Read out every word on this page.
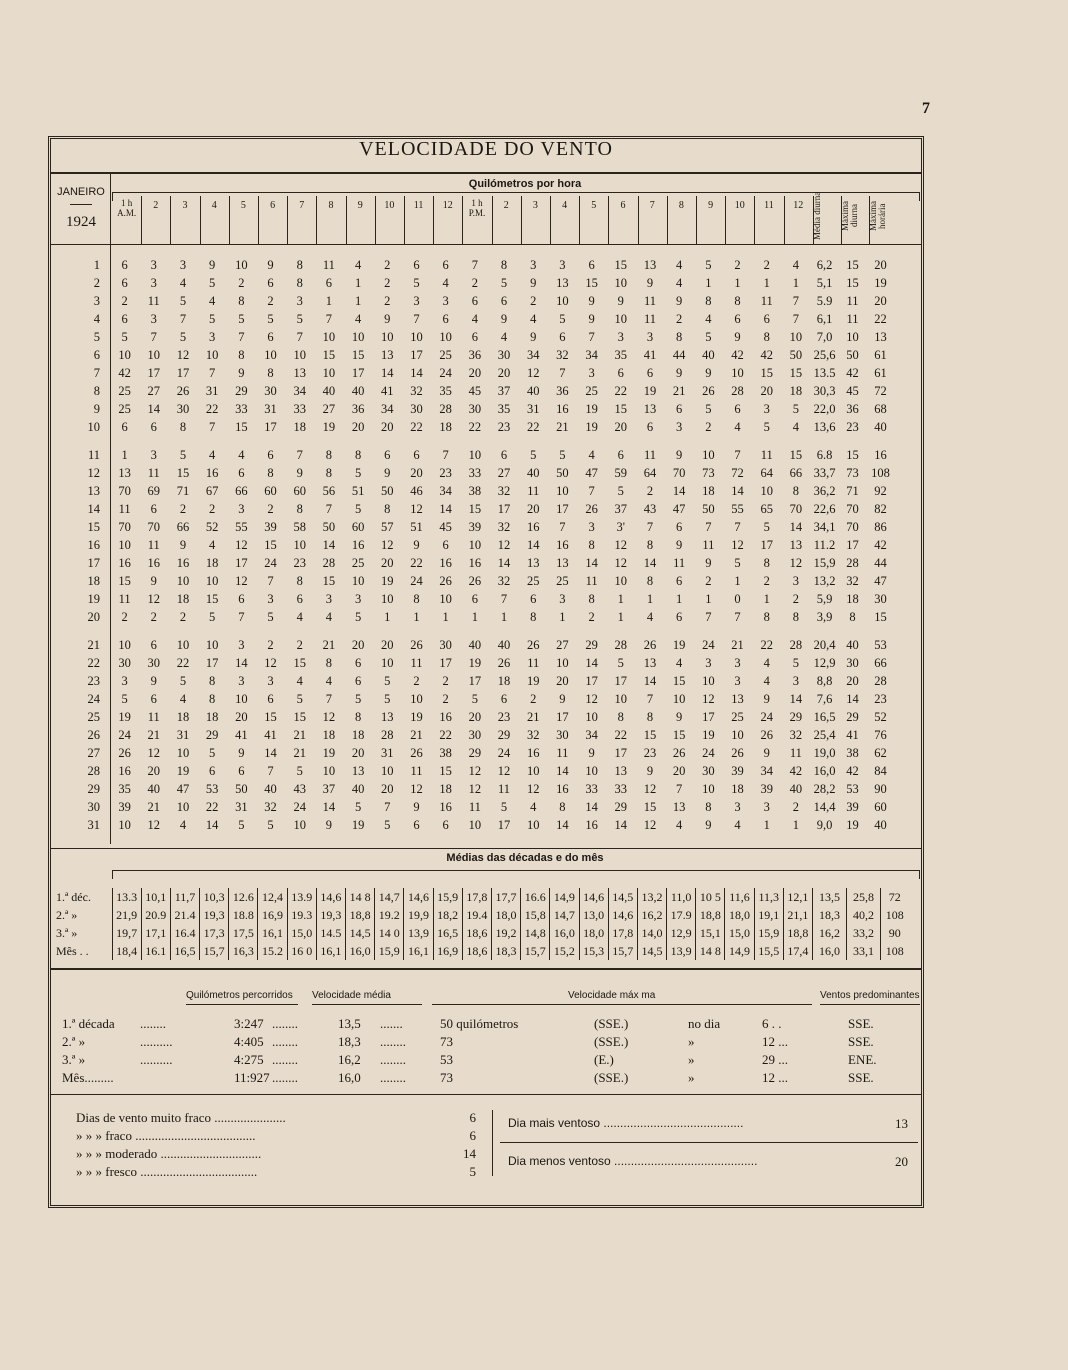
7
VELOCIDADE DO VENTO
JANEIRO
1924
Quilómetros por hora
1 h
A.M.
2	3	4	5	6	7	8	9	10	11	12	1 h
P.M.
2	3	4	5	6	7	8	9	10	11	12 Média diurna	Máxima diurna	Máxima horária
1	6	3	3	9	10	9	8	11	4	2	6	6	7	8	3	3	6	15	13	4	5	2	2	4	6,2	15	20
2	6	3	4	5	2	6	8	6	1	2	5	4	2	5	9	13	15	10	9	4	1	1	1	1	5,1	15	19
3	2	11	5	4	8	2	3	1	1	2	3	3	6	6	2	10	9	9	11	9	8	8	11	7	5.9	11	20
4	6	3	7	5	5	5	5	7	4	9	7	6	4	9	4	5	9	10	11	2	4	6	6	7	6,1	11	22
5	5	7	5	3	7	6	7	10	10	10	10	10	6	4	9	6	7	3	3	8	5	9	8	10	7,0	10	13
6	10	10	12	10	8	10	10	15	15	13	17	25	36	30	34	32	34	35	41	44	40	42	42	50	25,6	50	61
7	42	17	17	7	9	8	13	10	17	14	14	24	20	20	12	7	3	6	6	9	9	10	15	15	13.5	42	61
8	25	27	26	31	29	30	34	40	40	41	32	35	45	37	40	36	25	22	19	21	26	28	20	18	30,3	45	72
9	25	14	30	22	33	31	33	27	36	34	30	28	30	35	31	16	19	15	13	6	5	6	3	5	22,0	36	68
10	6	6	8	7	15	17	18	19	20	20	22	18	22	23	22	21	19	20	6	3	2	4	5	4	13,6	23	40

11	1	3	5	4	4	6	7	8	8	6	6	7	10	6	5	5	4	6	11	9	10	7	11	15	6.8	15	16
12	13	11	15	16	6	8	9	8	5	9	20	23	33	27	40	50	47	59	64	70	73	72	64	66	33,7	73	108
13	70	69	71	67	66	60	60	56	51	50	46	34	38	32	11	10	7	5	2	14	18	14	10	8	36,2	71	92
14	11	6	2	2	3	2	8	7	5	8	12	14	15	17	20	17	26	37	43	47	50	55	65	70	22,6	70	82
15	70	70	66	52	55	39	58	50	60	57	51	45	39	32	16	7	3	3'	7	6	7	7	5	14	34,1	70	86
16	10	11	9	4	12	15	10	14	16	12	9	6	10	12	14	16	8	12	8	9	11	12	17	13	11.2	17	42
17	16	16	16	18	17	24	23	28	25	20	22	16	16	14	13	13	14	12	14	11	9	5	8	12	15,9	28	44
18	15	9	10	10	12	7	8	15	10	19	24	26	26	32	25	25	11	10	8	6	2	1	2	3	13,2	32	47
19	11	12	18	15	6	3	6	3	3	10	8	10	6	7	6	3	8	1	1	1	1	0	1	2	5,9	18	30
20	2	2	2	5	7	5	4	4	5	1	1	1	1	1	8	1	2	1	4	6	7	7	8	8	3,9	8	15

21	10	6	10	10	3	2	2	21	20	20	26	30	40	40	26	27	29	28	26	19	24	21	22	28	20,4	40	53
22	30	30	22	17	14	12	15	8	6	10	11	17	19	26	11	10	14	5	13	4	3	3	4	5	12,9	30	66
23	3	9	5	8	3	3	4	4	6	5	2	2	17	18	19	20	17	17	14	15	10	3	4	3	8,8	20	28
24	5	6	4	8	10	6	5	7	5	5	10	2	5	6	2	9	12	10	7	10	12	13	9	14	7,6	14	23
25	19	11	18	18	20	15	15	12	8	13	19	16	20	23	21	17	10	8	8	9	17	25	24	29	16,5	29	52
26	24	21	31	29	41	41	21	18	18	28	21	22	30	29	32	30	34	22	15	15	19	10	26	32	25,4	41	76
27	26	12	10	5	9	14	21	19	20	31	26	38	29	24	16	11	9	17	23	26	24	26	9	11	19,0	38	62
28	16	20	19	6	6	7	5	10	13	10	11	15	12	12	10	14	10	13	9	20	30	39	34	42	16,0	42	84
29	35	40	47	53	50	40	43	37	40	20	12	18	12	11	12	16	33	33	12	7	10	18	39	40	28,2	53	90
30	39	21	10	22	31	32	24	14	5	7	9	16	11	5	4	8	14	29	15	13	8	3	3	2	14,4	39	60
31	10	12	4	14	5	5	10	9	19	5	6	6	10	17	10	14	16	14	12	4	9	4	1	1	9,0	19	40
Médias das décadas e do mês
1.ª déc.	13.3	10,1	11,7	10,3	12.6	12,4	13.9	14,6	14 8	14,7	14,6	15,9	17,8	17,7	16.6	14,9	14,6	14,5	13,2	11,0	10 5	11,6	11,3	12,1	13,5	25,8	72
2.ª »	21,9	20.9	21.4	19,3	18.8	16,9	19.3	19,3	18,8	19.2	19,9	18,2	19.4	18,0	15,8	14,7	13,0	14,6	16,2	17.9	18,8	18,0	19,1	21,1	18,3	40,2	108
3.ª »	19,7	17,1	16.4	17,3	17,5	16,1	15,0	14.5	14,5	14 0	13,9	16,5	18,6	19,2	14,8	16,0	18,0	17,8	14,0	12,9	15,1	15,0	15,9	18,8	16,2	33,2	90
Mês . .	18,4	16.1	16,5	15,7	16,3	15.2	16 0	16,1	16,0	15,9	16,1	16,9	18,6	18,3	15,7	15,2	15,3	15,7	14,5	13,9	14 8	14,9	15,5	17,4	16,0	33,1	108
Quilómetros percorridos Velocidade média	Velocidade máx ma	Ventos predominantes
1.ª década ........	3:247 ........	13,5 .......	50 quilómetros	(SSE.)	no dia	6 . .	SSE.
2.ª »	..........	4:405 ........	18,3 ........	73	(SSE.)	»	12 ...	SSE.
3.ª »	..........	4:275 ........	16,2 ........	53	(E.)	»	29 ...	ENE.
Mês.........	11:927 ........	16,0 ........	73	(SSE.)	»	12 ...	SSE.
Dias de vento muito fraco ......................	6
» » » fraco .....................................	6
» » » moderado ...............................	14
» » » fresco ....................................	5
Dia mais ventoso ..........................................	13
Dia menos ventoso ...........................................	20
